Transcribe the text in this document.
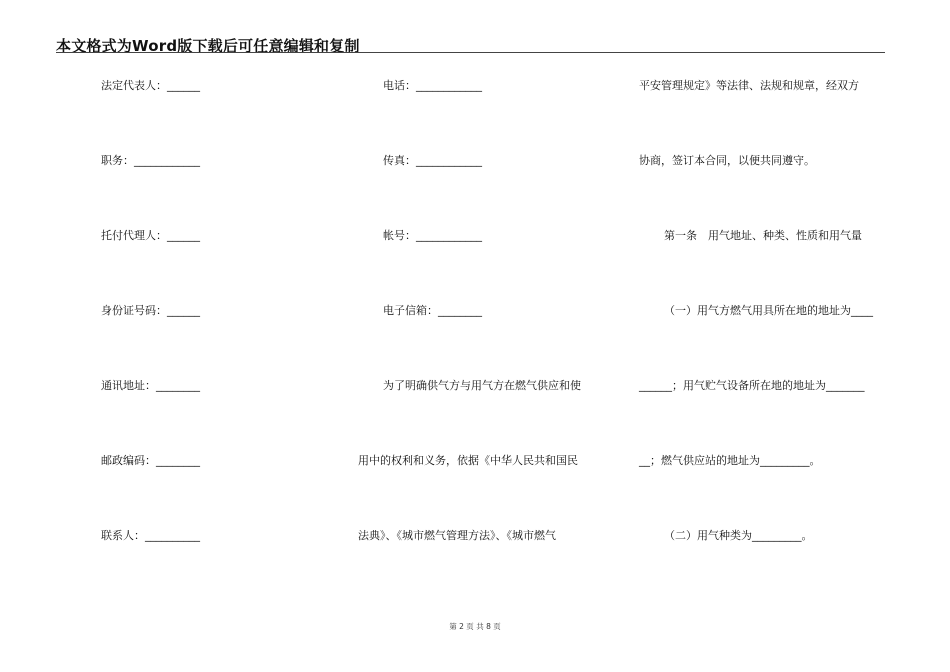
本文格式为Word版下载后可任意编辑和复制
法定代表人：______
职务：____________
托付代理人：______
身份证号码：______
通讯地址：________
邮政编码：________
联系人：__________
电话：____________
传真：____________
帐号：____________
电子信箱：________
为了明确供气方与用气方在燃气供应和使
用中的权利和义务，依据《中华人民共和国民
法典》、《城市燃气管理方法》、《城市燃气
平安管理规定》等法律、法规和规章，经双方
协商，签订本合同，以便共同遵守。
第一条　用气地址、种类、性质和用气量
（一）用气方燃气用具所在地的地址为____
______；用气贮气设备所在地的地址为_______
__；燃气供应站的地址为_________。
（二）用气种类为_________。
第 2 页 共 8 页
